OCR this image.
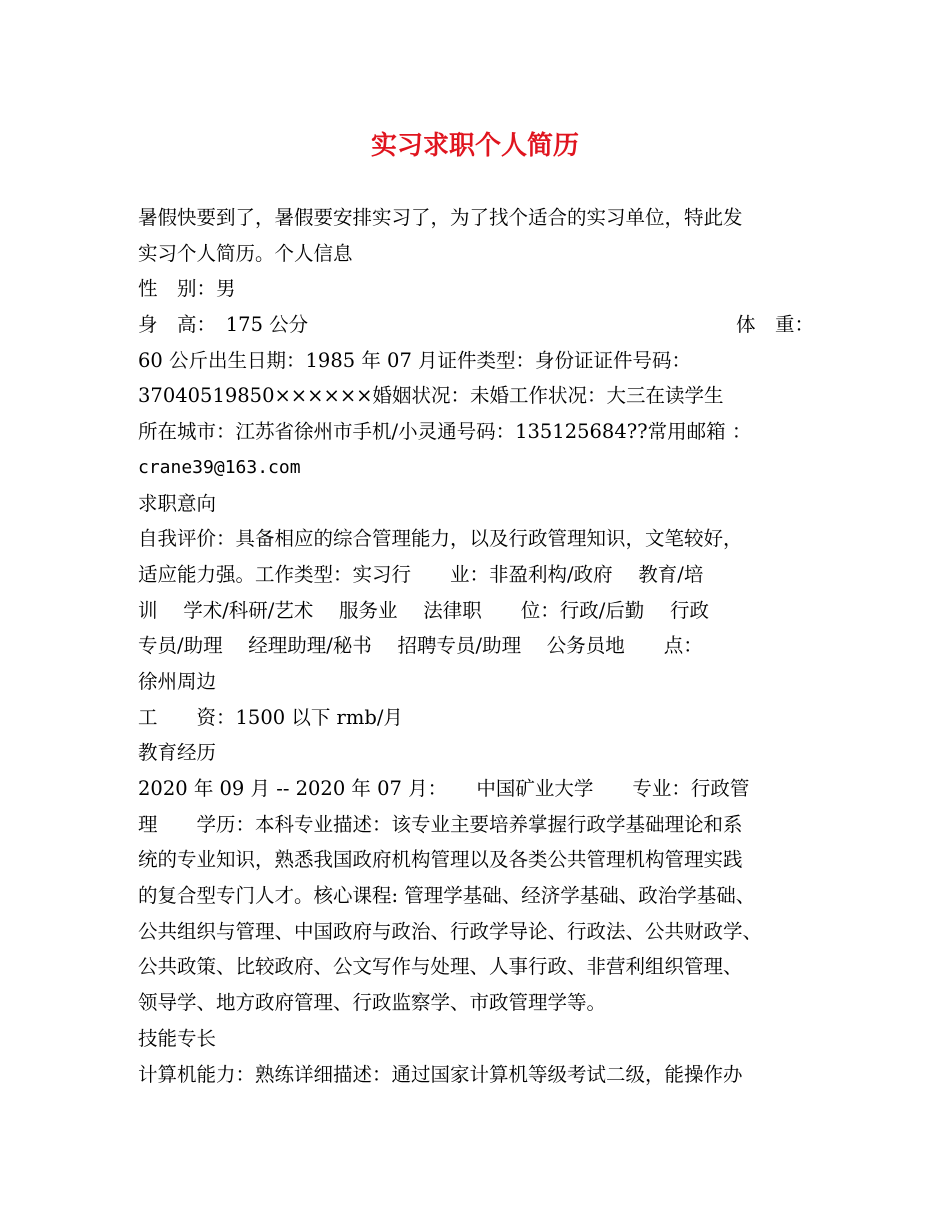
实习求职个人简历
暑假快要到了，暑假要安排实习了，为了找个适合的实习单位，特此发
实习个人简历。个人信息
性　别：男
身　高：　175 公分	体　重：
60 公斤出生日期：1985 年 07 月证件类型：身份证证件号码：
37040519850××××××婚姻状况：未婚工作状况：大三在读学生
所在城市：江苏省徐州市手机/小灵通号码：135125684??常用邮箱 ：
crane39@163.com
求职意向
自我评价：具备相应的综合管理能力，以及行政管理知识，文笔较好，
适应能力强。工作类型：实习行　　业：非盈利构/政府　 教育/培
训　 学术/科研/艺术　 服务业　 法律职　　位：行政/后勤　 行政
专员/助理　 经理助理/秘书　 招聘专员/助理　 公务员地　　点：
徐州周边
工　　资：1500 以下 rmb/月
教育经历
2020 年 09 月 -- 2020 年 07 月：　　中国矿业大学　　专业：行政管
理　　学历：本科专业描述：该专业主要培养掌握行政学基础理论和系
统的专业知识，熟悉我国政府机构管理以及各类公共管理机构管理实践
的复合型专门人才。核心课程: 管理学基础、经济学基础、政治学基础、
公共组织与管理、中国政府与政治、行政学导论、行政法、公共财政学、
公共政策、比较政府、公文写作与处理、人事行政、非营利组织管理、
领导学、地方政府管理、行政监察学、市政管理学等。
技能专长
计算机能力：熟练详细描述：通过国家计算机等级考试二级，能操作办
